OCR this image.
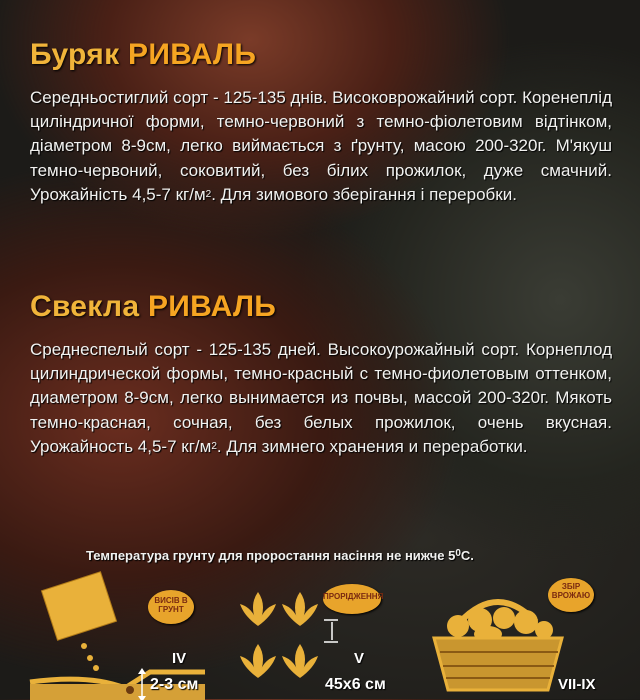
Буряк РИВАЛЬ
Середньостиглий сорт - 125-135 днів. Високоврожайний сорт. Коренеплід циліндричної форми, темно-червоний з темно-фіолетовим відтінком, діаметром 8-9см, легко виймається з ґрунту, масою 200-320г. М'якуш темно-червоний, соковитий, без білих прожилок, дуже смачний. Урожайність 4,5-7 $кг/м^2$. Для зимового зберігання і переробки.
Свекла РИВАЛЬ
Среднеспелый сорт - 125-135 дней. Высокоурожайный сорт. Корнеплод цилиндрической формы, темно-красный с темно-фиолетовым оттенком, диаметром 8-9см, легко вынимается из почвы, массой 200-320г. Мякоть темно-красная, сочная, без белых прожилок, очень вкусная. Урожайность 4,5-7 $кг/м^2$. Для зимнего хранения и переработки.
Температура грунту для проростання насіння не нижче $5^0C$.
ВИСІВ В ГРУНТ
IV
2-3 см
ПРОРІДЖЕННЯ
V
45x6 см
ЗБІР ВРОЖАЮ
VII-IX
